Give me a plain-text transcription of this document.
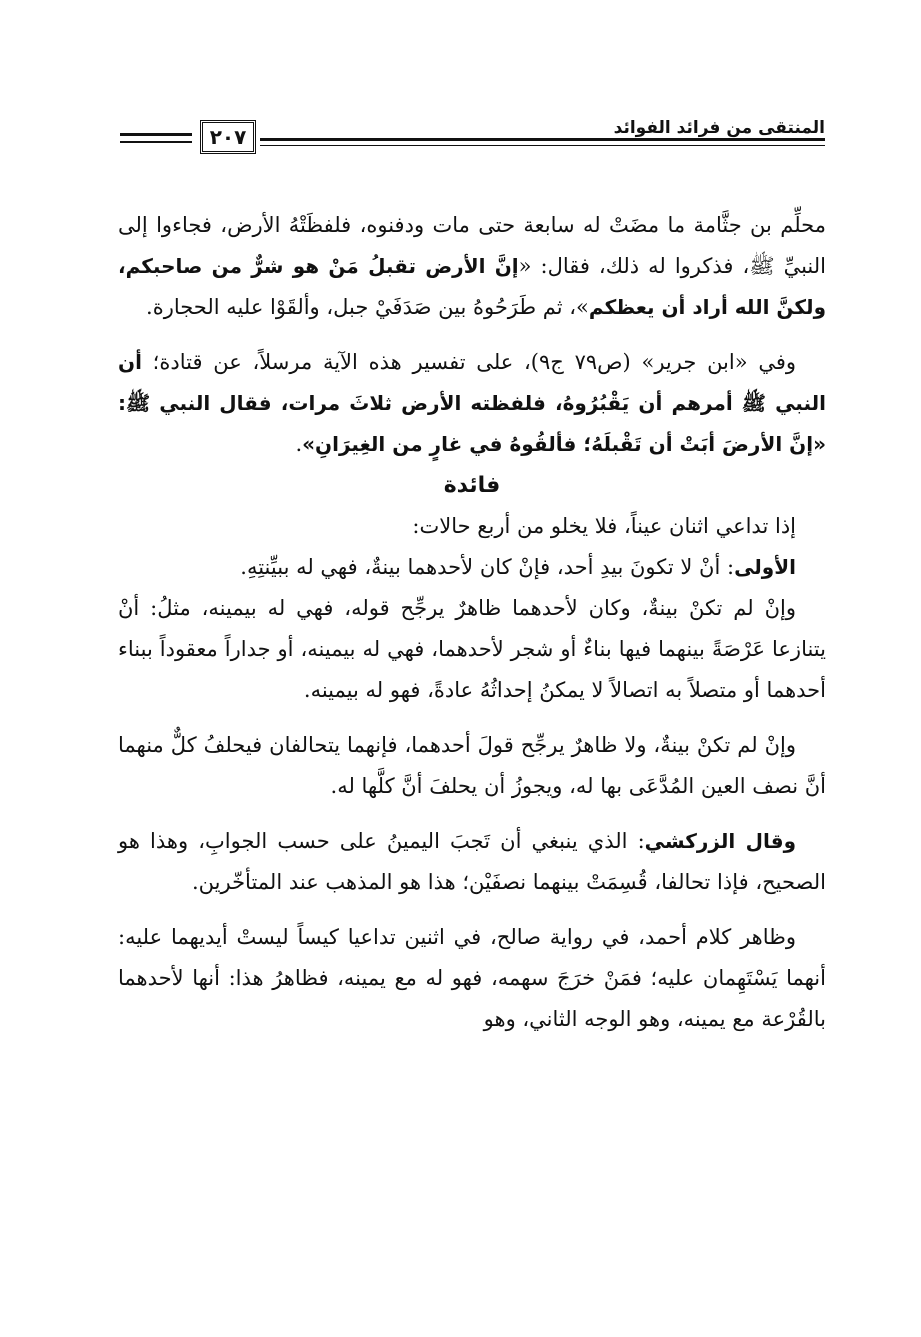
المنتقى من فرائد الفوائد
٢٠٧

محلِّم بن جثَّامة ما مضَتْ له سابعة حتى مات ودفنوه، فلفظَتْهُ الأرض، فجاءوا إلى النبيِّ ﷺ، فذكروا له ذلك، فقال: «إنَّ الأرض تقبلُ مَنْ هو شرٌّ من صاحبكم، ولكنَّ الله أراد أن يعظكم»، ثم طَرَحُوهُ بين صَدَفَيْ جبل، وألقَوْا عليه الحجارة.

وفي «ابن جرير» (ص٧٩ ج٩)، على تفسير هذه الآية مرسلاً، عن قتادة؛ أن النبي ﷺ أمرهم أن يَقْبُرُوهُ، فلفظته الأرض ثلاثَ مرات، فقال النبي ﷺ: «إنَّ الأرضَ أبَتْ أن تَقْبلَهُ؛ فألقُوهُ في غارٍ من الغِيرَانِ».

فائدة

إذا تداعي اثنان عيناً، فلا يخلو من أربع حالات:

الأولى: أنْ لا تكونَ بيدِ أحد، فإنْ كان لأحدهما بينةٌ، فهي له ببيِّنتِهِ.

وإنْ لم تكنْ بينةٌ، وكان لأحدهما ظاهرٌ يرجِّح قوله، فهي له بيمينه، مثلُ: أنْ يتنازعا عَرْصَةً بينهما فيها بناءٌ أو شجر لأحدهما، فهي له بيمينه، أو جداراً معقوداً ببناء أحدهما أو متصلاً به اتصالاً لا يمكنُ إحداثُهُ عادةً، فهو له بيمينه.

وإنْ لم تكنْ بينةٌ، ولا ظاهرٌ يرجِّح قولَ أحدهما، فإنهما يتحالفان فيحلفُ كلٌّ منهما أنَّ نصف العين المُدَّعَى بها له، ويجوزُ أن يحلفَ أنَّ كلَّها له.

وقال الزركشي: الذي ينبغي أن تَجبَ اليمينُ على حسب الجوابِ، وهذا هو الصحيح، فإذا تحالفا، قُسِمَتْ بينهما نصفَيْن؛ هذا هو المذهب عند المتأخّرين.

وظاهر كلام أحمد، في رواية صالح، في اثنين تداعيا كيساً ليستْ أيديهما عليه: أنهما يَسْتَهِمان عليه؛ فمَنْ خرَجَ سهمه، فهو له مع يمينه، فظاهرُ هذا: أنها لأحدهما بالقُرْعة مع يمينه، وهو الوجه الثاني، وهو
